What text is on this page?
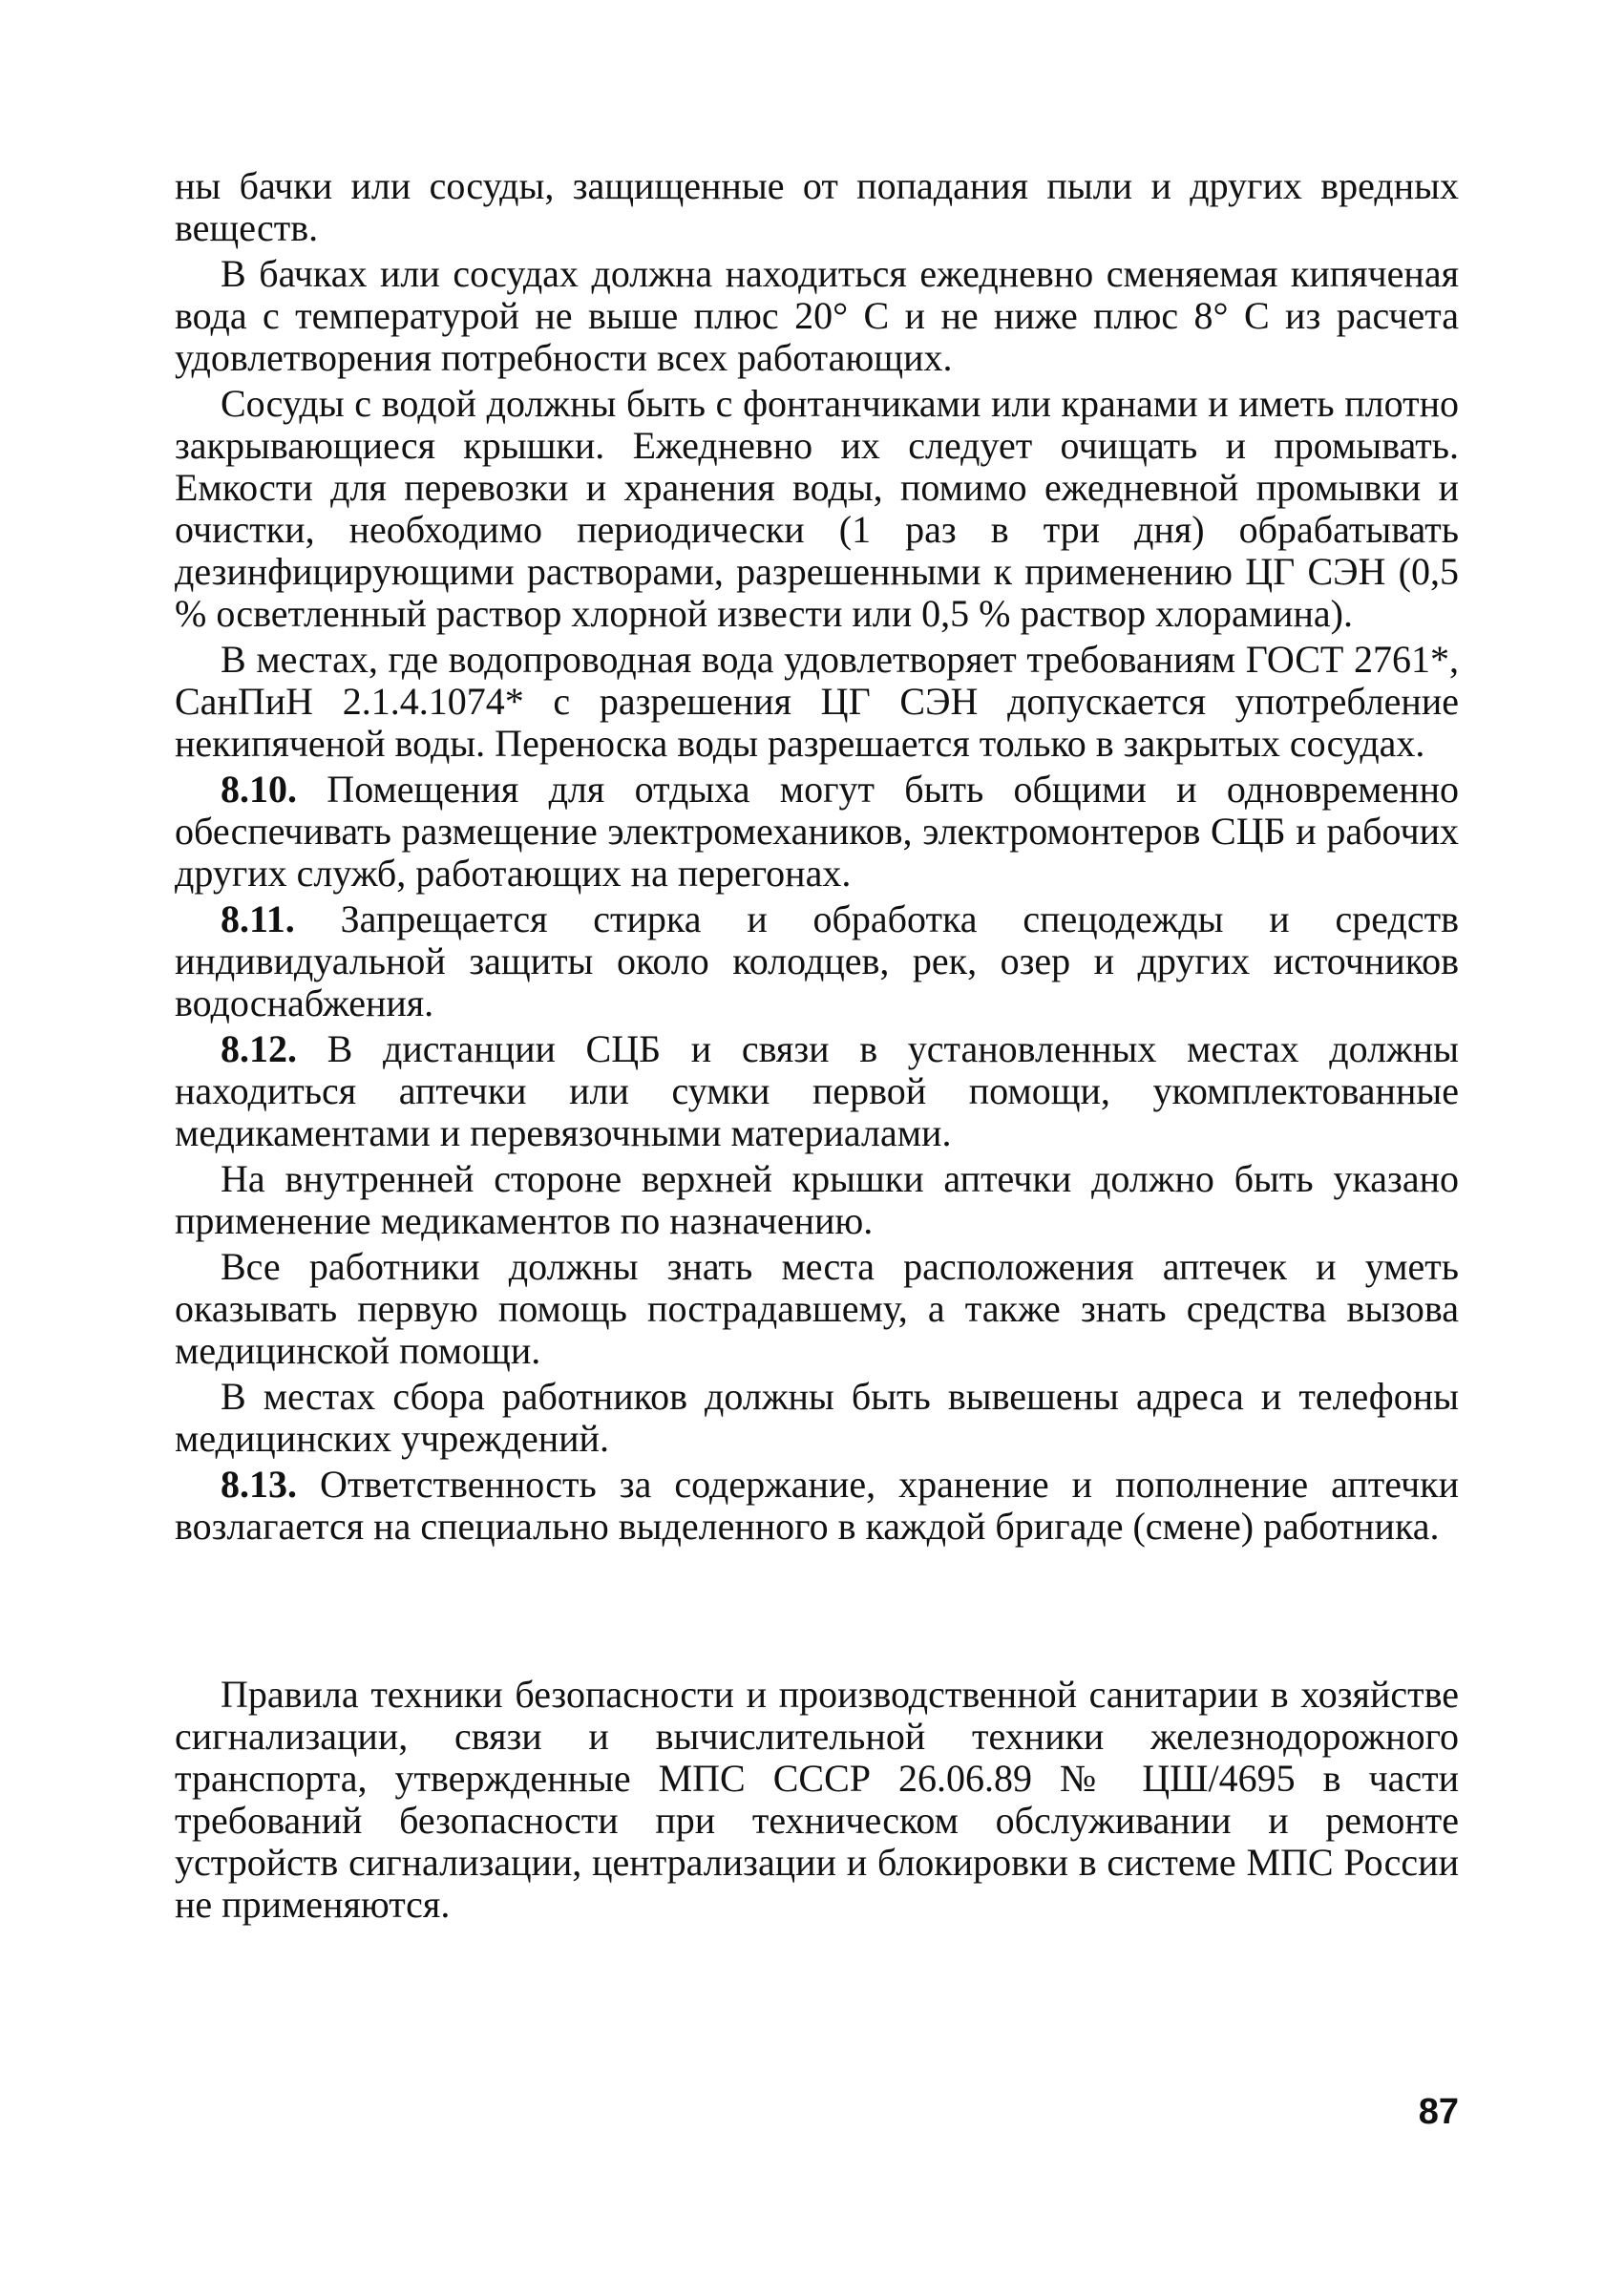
ны бачки или сосуды, защищенные от попадания пыли и других вредных веществ.

В бачках или сосудах должна находиться ежедневно сменяемая кипяченая вода с температурой не выше плюс 20° С и не ниже плюс 8° С из расчета удовлетворения потребности всех работающих.

Сосуды с водой должны быть с фонтанчиками или кранами и иметь плотно закрывающиеся крышки. Ежедневно их следует очищать и промывать. Емкости для перевозки и хранения воды, помимо ежедневной промывки и очистки, необходимо периодически (1 раз в три дня) обрабатывать дезинфицирующими растворами, разрешенными к применению ЦГ СЭН (0,5 % осветленный раствор хлорной извести или 0,5 % раствор хлорамина).

В местах, где водопроводная вода удовлетворяет требованиям ГОСТ 2761*, СанПиН 2.1.4.1074* с разрешения ЦГ СЭН допускается употребление некипяченой воды. Переноска воды разрешается только в закрытых сосудах.

8.10. Помещения для отдыха могут быть общими и одновременно обеспечивать размещение электромехаников, электромонтеров СЦБ и рабочих других служб, работающих на перегонах.

8.11. Запрещается стирка и обработка спецодежды и средств индивидуальной защиты около колодцев, рек, озер и других источников водоснабжения.

8.12. В дистанции СЦБ и связи в установленных местах должны находиться аптечки или сумки первой помощи, укомплектованные медикаментами и перевязочными материалами.

На внутренней стороне верхней крышки аптечки должно быть указано применение медикаментов по назначению.

Все работники должны знать места расположения аптечек и уметь оказывать первую помощь пострадавшему, а также знать средства вызова медицинской помощи.

В местах сбора работников должны быть вывешены адреса и телефоны медицинских учреждений.

8.13. Ответственность за содержание, хранение и пополнение аптечки возлагается на специально выделенного в каждой бригаде (смене) работника.

Правила техники безопасности и производственной санитарии в хозяйстве сигнализации, связи и вычислительной техники железнодорожного транспорта, утвержденные МПС СССР 26.06.89 № ЦШ/4695 в части требований безопасности при техническом обслуживании и ремонте устройств сигнализации, централизации и блокировки в системе МПС России не применяются.

87
